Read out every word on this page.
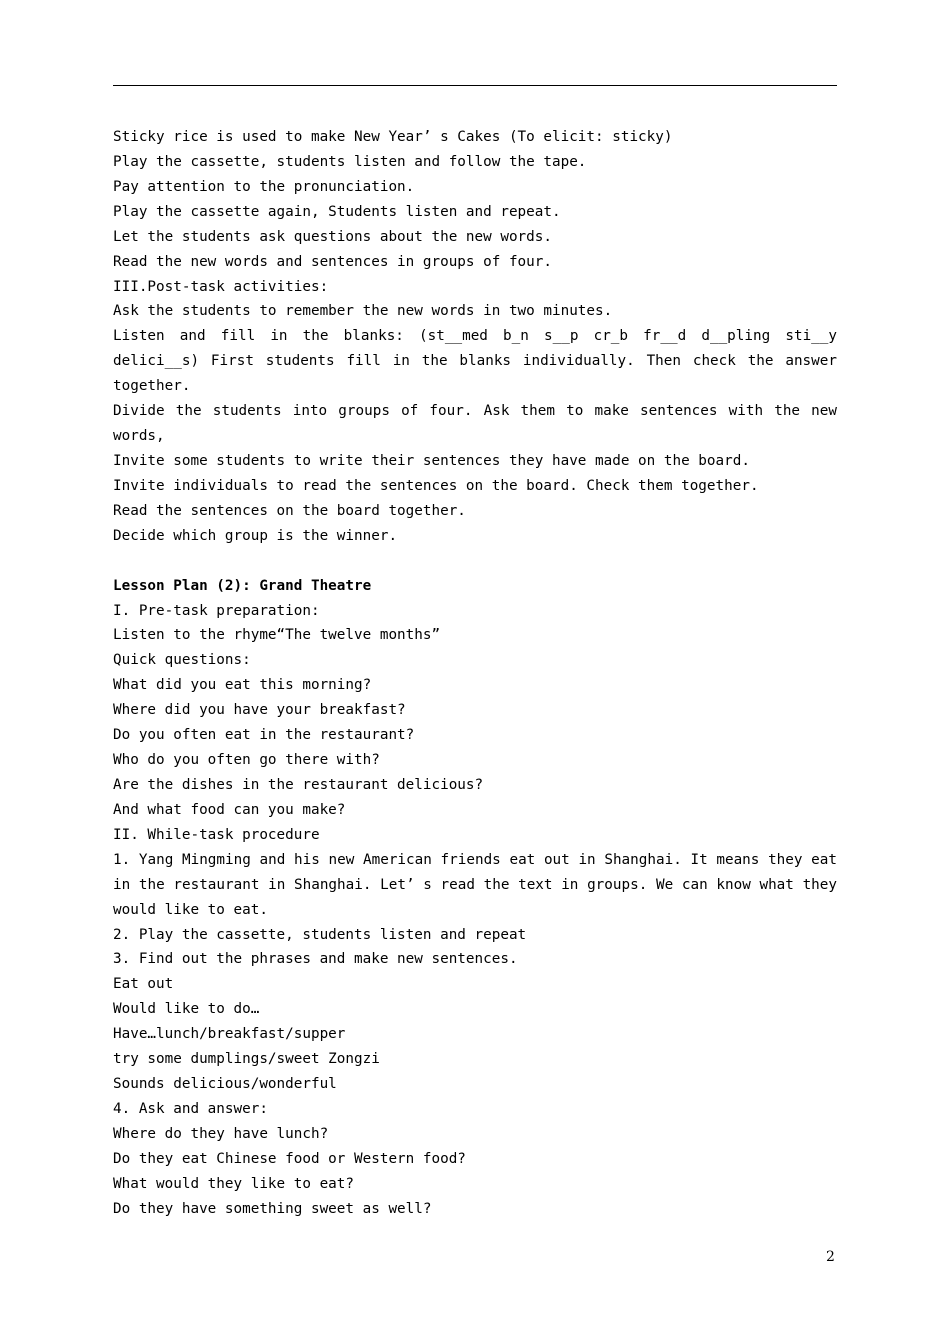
Sticky rice is used to make New Year’ s Cakes (To elicit: sticky)
Play the cassette, students listen and follow the tape.
Pay attention to the pronunciation.
Play the cassette again, Students listen and repeat.
Let the students ask questions about the new words.
Read the new words and sentences in groups of four.
III.Post-task activities:
Ask the students to remember the new words in two minutes.
Listen and fill in the blanks: (st__med b_n s__p cr_b fr__d d__pling sti__y
delici__s) First students fill in the blanks individually. Then check the answer
together.
Divide the students into groups of four. Ask them to make sentences with the new
words,
Invite some students to write their sentences they have made on the board.
Invite individuals to read the sentences on the board. Check them together.
Read the sentences on the board together.
Decide which group is the winner.
Lesson Plan (2): Grand Theatre
I. Pre-task preparation:
Listen to the rhyme“The twelve months”
Quick questions:
What did you eat this morning?
Where did you have your breakfast?
Do you often eat in the restaurant?
Who do you often go there with?
Are the dishes in the restaurant delicious?
And what food can you make?
II. While-task procedure
1. Yang Mingming and his new American friends eat out in Shanghai. It means they eat
in the restaurant in Shanghai. Let’ s read the text in groups. We can know what they
would like to eat.
2. Play the cassette, students listen and repeat
3. Find out the phrases and make new sentences.
Eat out
Would like to do…
Have…lunch/breakfast/supper
try some dumplings/sweet Zongzi
Sounds delicious/wonderful
4. Ask and answer:
Where do they have lunch?
Do they eat Chinese food or Western food?
What would they like to eat?
Do they have something sweet as well?
2
